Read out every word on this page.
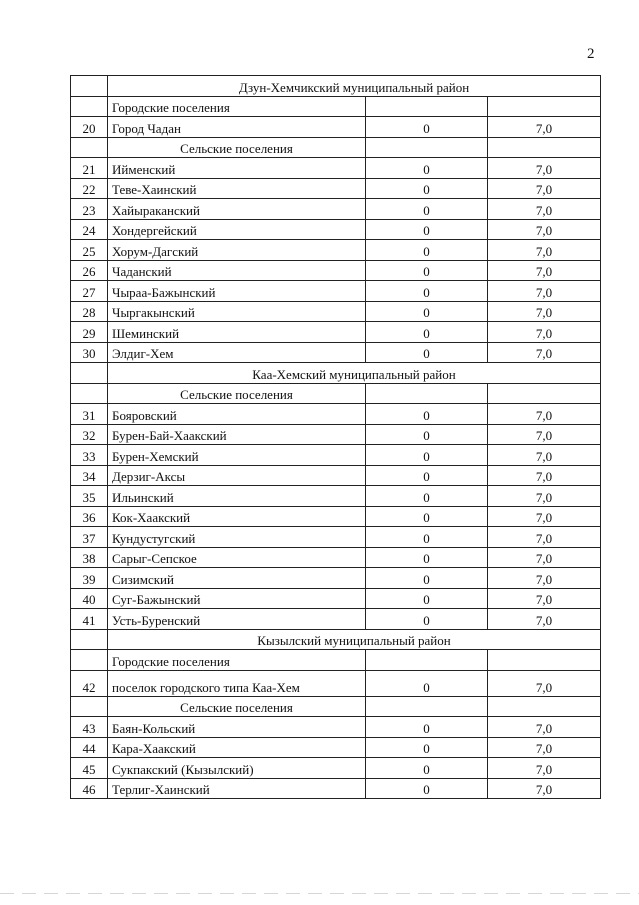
2
	Дзун-Хемчикский муниципальный район		
	Городские поселения		
20	Город Чадан	0	7,0
	Сельские поселения		
21	Ийменский	0	7,0
22	Теве-Хаинский	0	7,0
23	Хайыраканский	0	7,0
24	Хондергейский	0	7,0
25	Хорум-Дагский	0	7,0
26	Чаданский	0	7,0
27	Чыраа-Бажынский	0	7,0
28	Чыргакынский	0	7,0
29	Шеминский	0	7,0
30	Элдиг-Хем	0	7,0
	Каа-Хемский муниципальный район		
	Сельские поселения		
31	Бояровский	0	7,0
32	Бурен-Бай-Хаакский	0	7,0
33	Бурен-Хемский	0	7,0
34	Дерзиг-Аксы	0	7,0
35	Ильинский	0	7,0
36	Кок-Хаакский	0	7,0
37	Кундустугский	0	7,0
38	Сарыг-Сепское	0	7,0
39	Сизимский	0	7,0
40	Суг-Бажынский	0	7,0
41	Усть-Буренский	0	7,0
	Кызылский муниципальный район		
	Городские поселения		
42	поселок городского типа Каа-Хем	0	7,0
	Сельские поселения		
43	Баян-Кольский	0	7,0
44	Кара-Хаакский	0	7,0
45	Сукпакский (Кызылский)	0	7,0
46	Терлиг-Хаинский	0	7,0
